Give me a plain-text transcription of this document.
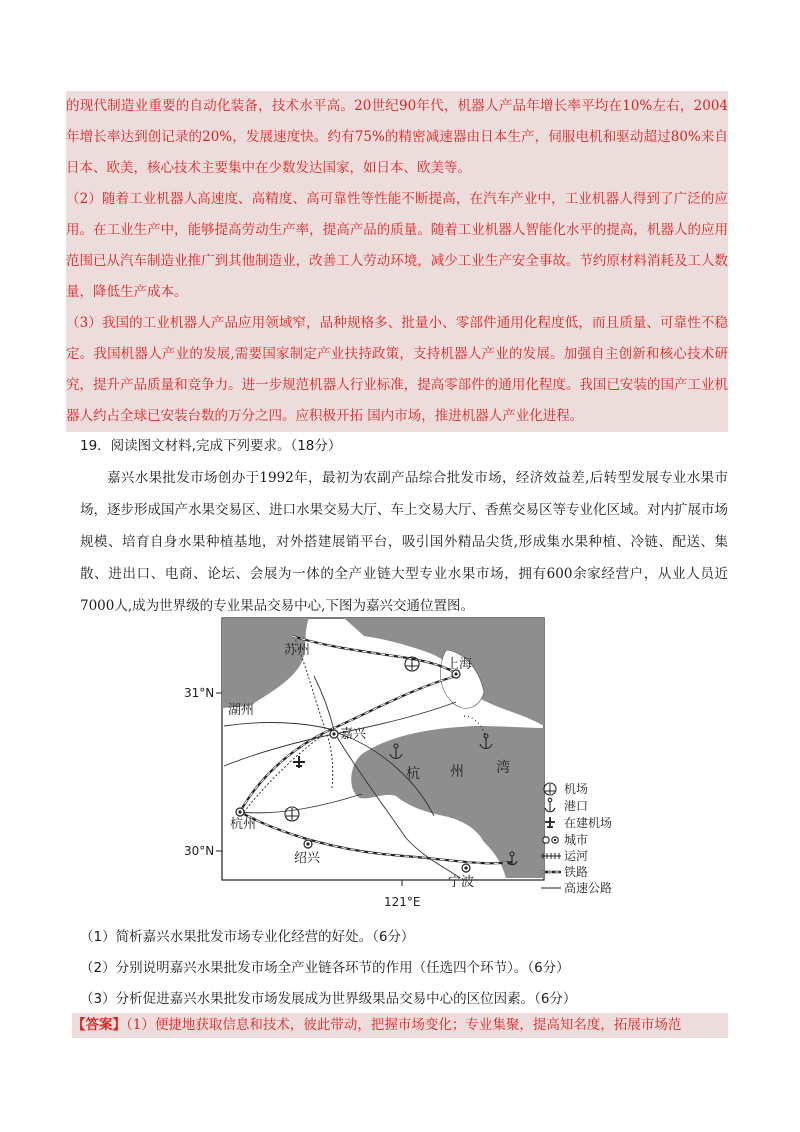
的现代制造业重要的自动化装备，技术水平高。20世纪90年代，机器人产品年增长率平均在10%左右，2004年增长率达到创记录的20%，发展速度快。约有75%的精密减速器由日本生产，伺服电机和驱动超过80%来自日本、欧美，核心技术主要集中在少数发达国家，如日本、欧美等。

（2）随着工业机器人高速度、高精度、高可靠性等性能不断提高，在汽车产业中，工业机器人得到了广泛的应用。在工业生产中，能够提高劳动生产率，提高产品的质量。随着工业机器人智能化水平的提高，机器人的应用范围已从汽车制造业推广到其他制造业，改善工人劳动环境，减少工业生产安全事故。节约原材料消耗及工人数量，降低生产成本。

（3）我国的工业机器人产品应用领域窄，品种规格多、批量小、零部件通用化程度低，而且质量、可靠性不稳定。我国机器人产业的发展,需要国家制定产业扶持政策，支持机器人产业的发展。加强自主创新和核心技术研究，提升产品质量和竞争力。进一步规范机器人行业标准，提高零部件的通用化程度。我国已安装的国产工业机器人约占全球已安装台数的万分之四。应积极开拓 国内市场，推进机器人产业化进程。

19．阅读图文材料,完成下列要求。（18分）
嘉兴水果批发市场创办于1992年，最初为农副产品综合批发市场，经济效益差,后转型发展专业水果市场，逐步形成国产水果交易区、进口水果交易大厅、车上交易大厅、香蕉交易区等专业化区域。对内扩展市场规模、培育自身水果种植基地，对外搭建展销平台，吸引国外精品尖货,形成集水果种植、冷链、配送、集散、进出口、电商、论坛、会展为一体的全产业链大型专业水果市场，拥有600余家经营户，从业人员近7000人,成为世界级的专业果品交易中心,下图为嘉兴交通位置图。
苏州
上海
湖州
嘉兴
杭州
绍兴
宁波
杭 州 湾
31°N
30°N
121°E
机场
港口
在建机场
城市
运河
铁路
高速公路
（1）简析嘉兴水果批发市场专业化经营的好处。（6分）
（2）分别说明嘉兴水果批发市场全产业链各环节的作用（任选四个环节）。（6分）
（3）分析促进嘉兴水果批发市场发展成为世界级果品交易中心的区位因素。（6分）
【答案】（1）便捷地获取信息和技术，彼此带动，把握市场变化；专业集聚，提高知名度，拓展市场范
